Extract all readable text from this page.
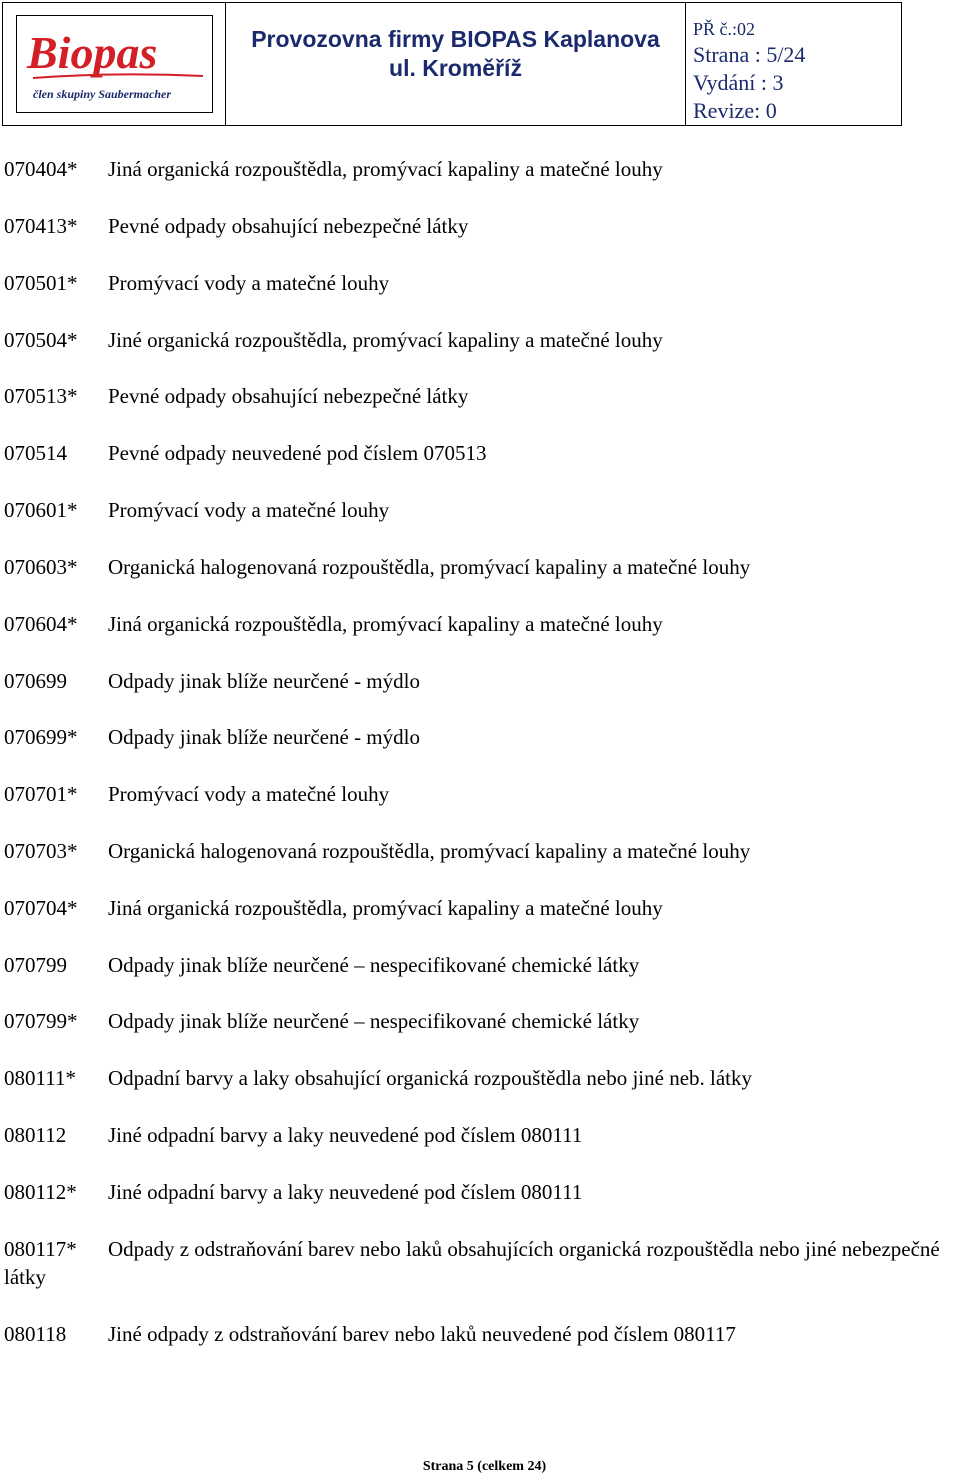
Biopas
člen skupiny Saubermacher
Provozovna firmy BIOPAS Kaplanova
ul. Kroměříž
PŘ č.:02
Strana : 5/24
Vydání : 3
Revize: 0
070404* Jiná organická rozpouštědla, promývací kapaliny a matečné louhy
070413* Pevné odpady obsahující nebezpečné látky
070501* Promývací vody a matečné louhy
070504* Jiné organická rozpouštědla, promývací kapaliny a matečné louhy
070513* Pevné odpady obsahující nebezpečné látky
070514 Pevné odpady neuvedené pod číslem 070513
070601* Promývací vody a matečné louhy
070603* Organická halogenovaná rozpouštědla, promývací kapaliny a matečné louhy
070604* Jiná organická rozpouštědla, promývací kapaliny a matečné louhy
070699 Odpady jinak blíže neurčené - mýdlo
070699* Odpady jinak blíže neurčené - mýdlo
070701* Promývací vody a matečné louhy
070703* Organická halogenovaná rozpouštědla, promývací kapaliny a matečné louhy
070704* Jiná organická rozpouštědla, promývací kapaliny a matečné louhy
070799 Odpady jinak blíže neurčené – nespecifikované chemické látky
070799* Odpady jinak blíže neurčené – nespecifikované chemické látky
080111* Odpadní barvy a laky obsahující organická rozpouštědla nebo jiné neb. látky
080112 Jiné odpadní barvy a laky neuvedené pod číslem 080111
080112* Jiné odpadní barvy a laky neuvedené pod číslem 080111
080117*	Odpady z odstraňování barev nebo laků obsahujících organická rozpouštědla nebo jiné nebezpečné látky
080118 Jiné odpady z odstraňování barev nebo laků neuvedené pod číslem 080117
Strana 5 (celkem 24)
